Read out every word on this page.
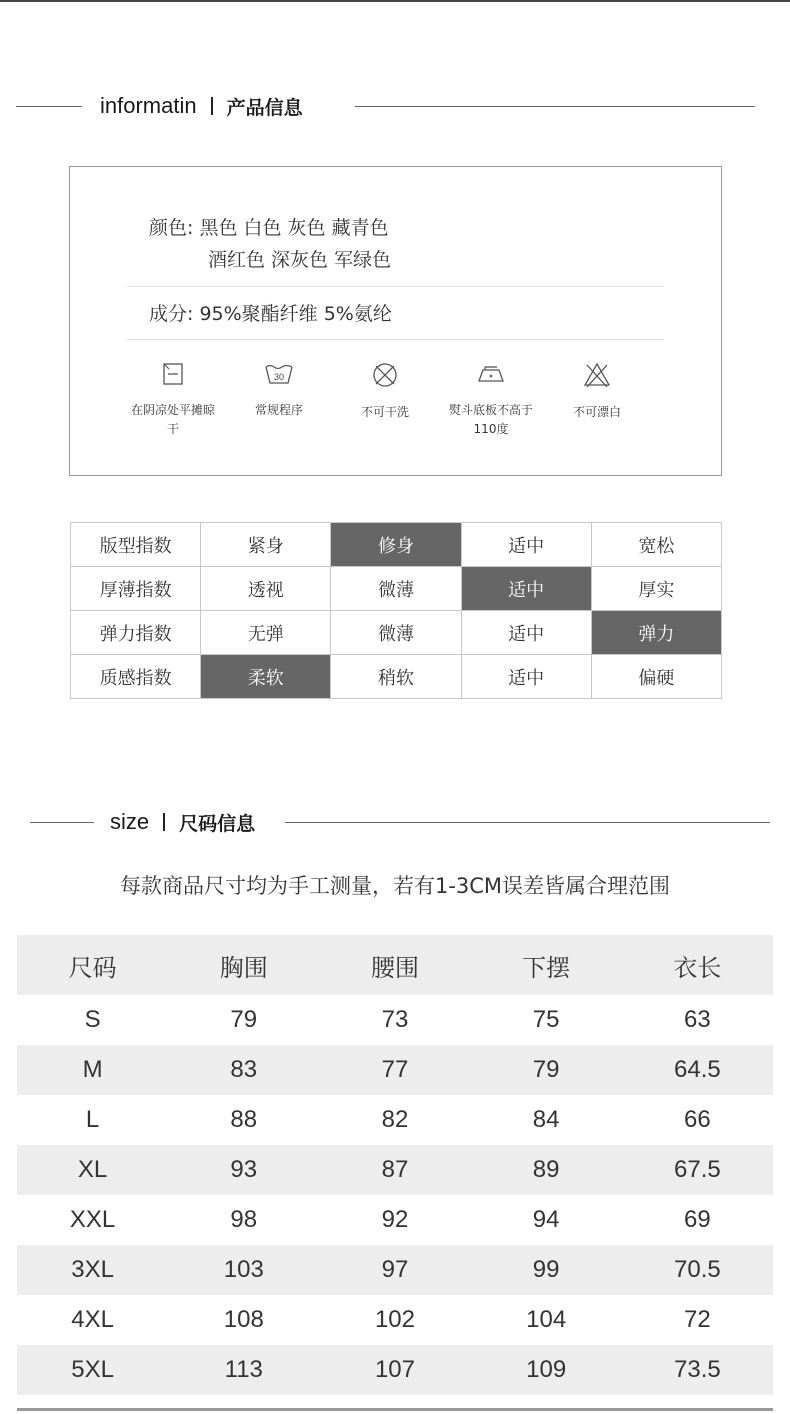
informatin 产品信息
颜色: 黑色 白色 灰色 藏青色
酒红色 深灰色 军绿色
成分: 95%聚酯纤维 5%氨纶
在阴凉处平摊晾
干
30
常规程序	不可干洗	熨斗底板不高于
110度
不可漂白

版型指数	紧身	修身	适中	宽松
厚薄指数	透视	微薄	适中	厚实
弹力指数	无弹	微薄	适中	弹力
质感指数	柔软	稍软	适中	偏硬
size 尺码信息
每款商品尺寸均为手工测量，若有1-3CM误差皆属合理范围
尺码	胸围	腰围	下摆	衣长
S	79	73	75	63
M	83	77	79	64.5
L	88	82	84	66
XL	93	87	89	67.5
XXL	98	92	94	69
3XL	103	97	99	70.5
4XL	108	102	104	72
5XL	113	107	109	73.5
